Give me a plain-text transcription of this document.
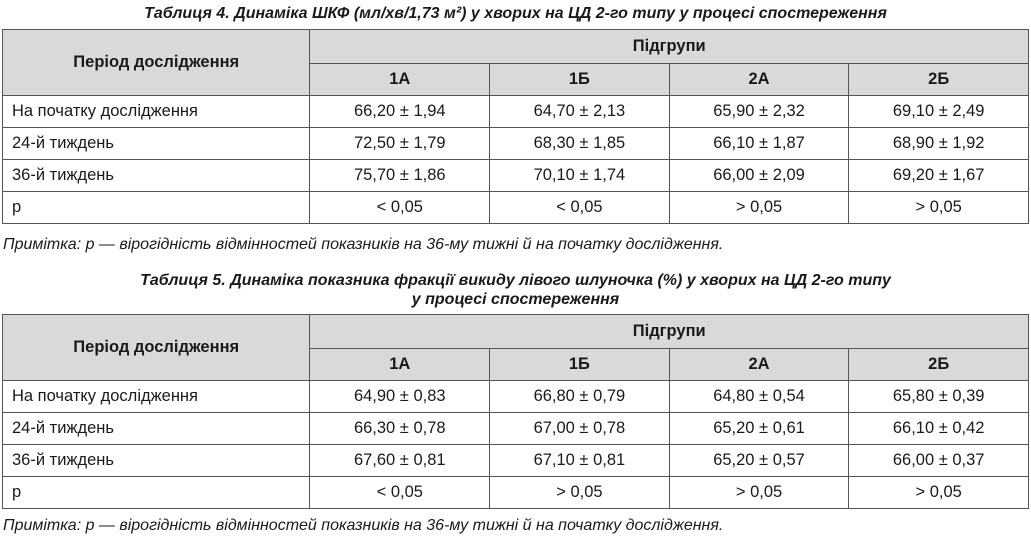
Таблиця 4. Динаміка ШКФ (мл/хв/1,73 м²) у хворих на ЦД 2-го типу у процесі спостереження
Період дослідження	Підгрупи			
	1А	1Б	2А	2Б
На початку дослідження	66,20 ± 1,94	64,70 ± 2,13	65,90 ± 2,32	69,10 ± 2,49
24-й тиждень	72,50 ± 1,79	68,30 ± 1,85	66,10 ± 1,87	68,90 ± 1,92
36-й тиждень	75,70 ± 1,86	70,10 ± 1,74	66,00 ± 2,09	69,20 ± 1,67
р	< 0,05	< 0,05	> 0,05	> 0,05
Примітка: р — вірогідність відмінностей показників на 36-му тижні й на початку дослідження.
Таблиця 5. Динаміка показника фракції викиду лівого шлуночка (%) у хворих на ЦД 2-го типу
у процесі спостереження
Період дослідження	Підгрупи			
	1А	1Б	2А	2Б
На початку дослідження	64,90 ± 0,83	66,80 ± 0,79	64,80 ± 0,54	65,80 ± 0,39
24-й тиждень	66,30 ± 0,78	67,00 ± 0,78	65,20 ± 0,61	66,10 ± 0,42
36-й тиждень	67,60 ± 0,81	67,10 ± 0,81	65,20 ± 0,57	66,00 ± 0,37
р	< 0,05	> 0,05	> 0,05	> 0,05
Примітка: р — вірогідність відмінностей показників на 36-му тижні й на початку дослідження.
